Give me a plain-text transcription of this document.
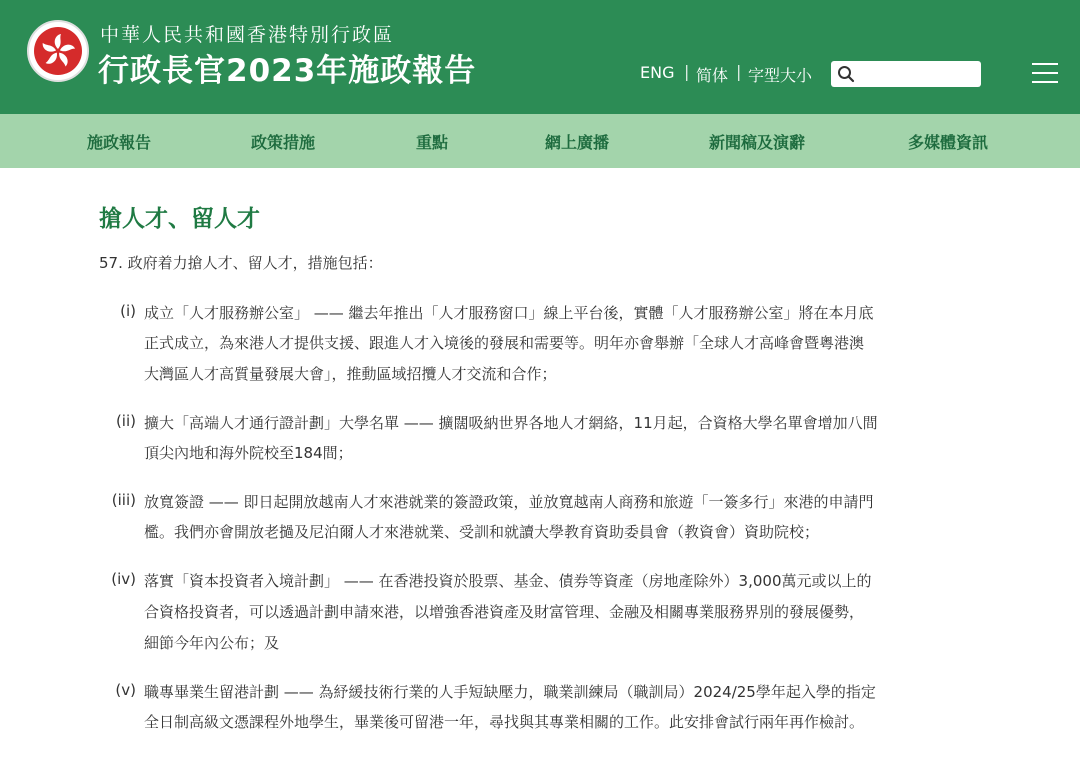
中華人民共和國香港特別行政區
行政長官2023年施政報告	ENG | 简体 | 字型大小
施政報告	政策措施	重點	網上廣播	新聞稿及演辭	多媒體資訊
搶人才、留人才
57. 政府着力搶人才、留人才，措施包括：
(i) 成立「人才服務辦公室」 —— 繼去年推出「人才服務窗口」線上平台後，實體「人才服務辦公室」將在本月底
正式成立，為來港人才提供支援、跟進人才入境後的發展和需要等。明年亦會舉辦「全球人才高峰會暨粵港澳
大灣區人才高質量發展大會」，推動區域招攬人才交流和合作；
(ii) 擴大「高端人才通行證計劃」大學名單 —— 擴闊吸納世界各地人才網絡，11月起，合資格大學名單會增加八間
頂尖內地和海外院校至184間；
(iii) 放寬簽證 —— 即日起開放越南人才來港就業的簽證政策，並放寬越南人商務和旅遊「一簽多行」來港的申請門
檻。我們亦會開放老撾及尼泊爾人才來港就業、受訓和就讀大學教育資助委員會（教資會）資助院校；
(iv) 落實「資本投資者入境計劃」 —— 在香港投資於股票、基金、債券等資產（房地產除外）3,000萬元或以上的
合資格投資者，可以透過計劃申請來港，以增強香港資產及財富管理、金融及相關專業服務界別的發展優勢，
細節今年內公布；及
(v) 職專畢業生留港計劃 —— 為紓緩技術行業的人手短缺壓力，職業訓練局（職訓局）2024/25學年起入學的指定
全日制高級文憑課程外地學生，畢業後可留港一年，尋找與其專業相關的工作。此安排會試行兩年再作檢討。
